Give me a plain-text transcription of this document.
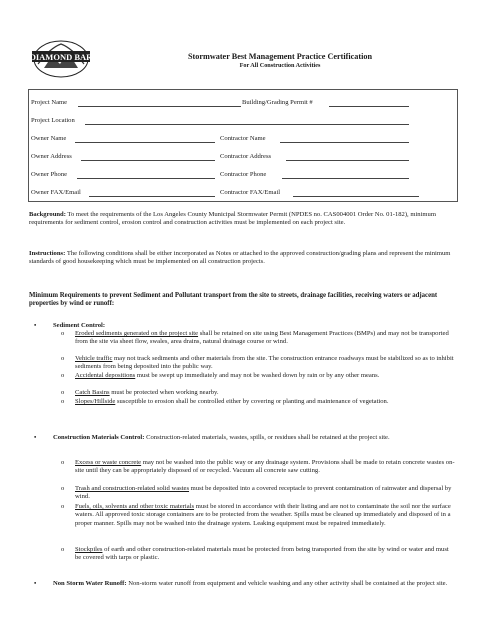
DIAMOND BAR	Stormwater Best Management Practice Certification
For All Construction Activities
Project Name	Building/Grading Permit #
Project Location
Owner Name	Contractor Name
Owner Address	Contractor Address
Owner Phone	Contractor Phone
Owner FAX/Email	Contractor FAX/Email
Background: To meet the requirements of the Los Angeles County Municipal Stormwater Permit (NPDES no. CAS004001 Order No. 01-182), minimum requirements for sediment control, erosion control and construction activities must be implemented on each project site.
Instructions: The following conditions shall be either incorporated as Notes or attached to the approved construction/grading plans and represent the minimum standards of good housekeeping which must be implemented on all construction projects.
Minimum Requirements to prevent Sediment and Pollutant transport from the site to streets, drainage facilities, receiving waters or adjacent properties by wind or runoff:
•	Sediment Control:
o Eroded sediments generated on the project site shall be retained on site using Best Management Practices (BMPs) and may not be transported from the site via sheet flow, swales, area drains, natural drainage course or wind.
o Vehicle traffic may not track sediments and other materials from the site. The construction entrance roadways must be stabilized so as to inhibit sediments from being deposited into the public way.
o Accidental depositions must be swept up immediately and may not be washed down by rain or by any other means.
o Catch Basins must be protected when working nearby.
o Slopes/Hillside susceptible to erosion shall be controlled either by covering or planting and maintenance of vegetation.
•	Construction Materials Control: Construction-related materials, wastes, spills, or residues shall be retained at the project site.
o Excess or waste concrete may not be washed into the public way or any drainage system. Provisions shall be made to retain concrete wastes on-site until they can be appropriately disposed of or recycled. Vacuum all concrete saw cutting.
o Trash and construction-related solid wastes must be deposited into a covered receptacle to prevent contamination of rainwater and dispersal by wind.
o Fuels, oils, solvents and other toxic materials must be stored in accordance with their listing and are not to contaminate the soil nor the surface waters. All approved toxic storage containers are to be protected from the weather. Spills must be cleaned up immediately and disposed of in a proper manner. Spills may not be washed into the drainage system. Leaking equipment must be repaired immediately.
o Stockpiles of earth and other construction-related materials must be protected from being transported from the site by wind or water and must be covered with tarps or plastic.
•	Non Storm Water Runoff: Non-storm water runoff from equipment and vehicle washing and any other activity shall be contained at the project site.
